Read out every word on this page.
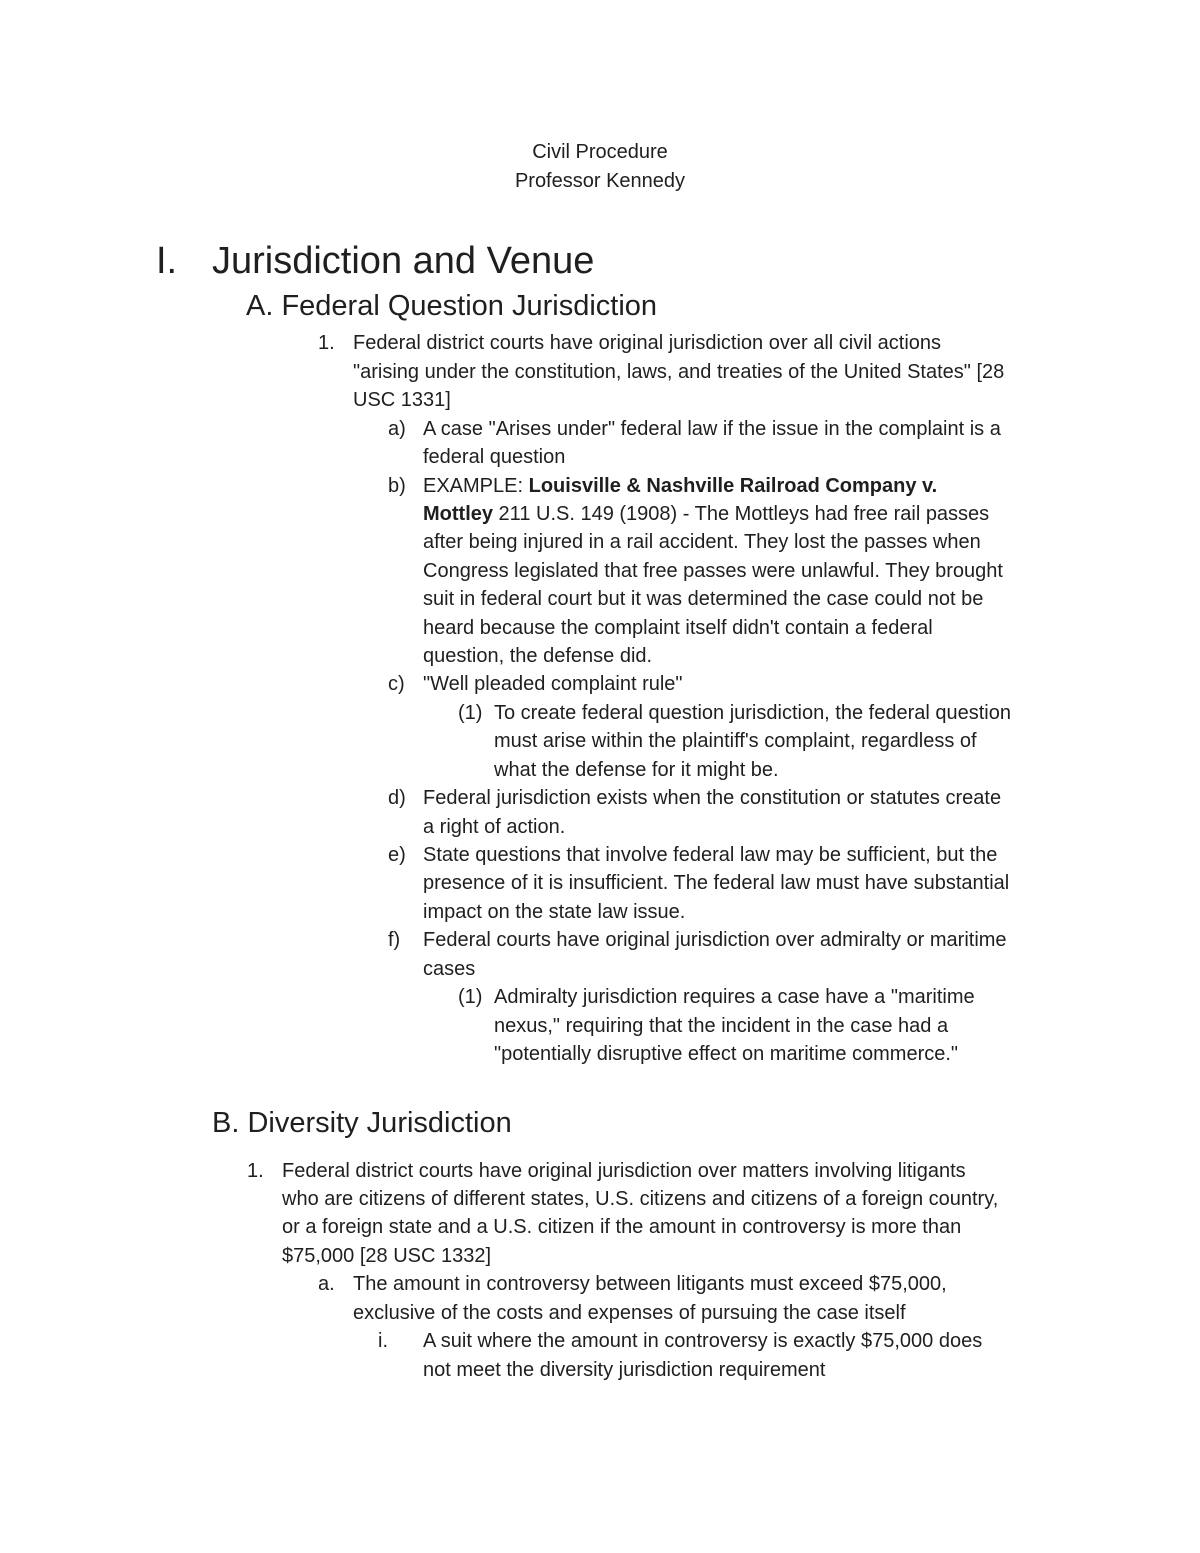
Civil Procedure
Professor Kennedy
I. Jurisdiction and Venue
A. Federal Question Jurisdiction
1. Federal district courts have original jurisdiction over all civil actions
"arising under the constitution, laws, and treaties of the United States" [28
USC 1331]
a) A case "Arises under" federal law if the issue in the complaint is a
federal question
b) EXAMPLE: Louisville & Nashville Railroad Company v.
Mottley 211 U.S. 149 (1908) - The Mottleys had free rail passes
after being injured in a rail accident. They lost the passes when
Congress legislated that free passes were unlawful. They brought
suit in federal court but it was determined the case could not be
heard because the complaint itself didn't contain a federal
question, the defense did.
c) "Well pleaded complaint rule"
(1) To create federal question jurisdiction, the federal question
must arise within the plaintiff's complaint, regardless of
what the defense for it might be.
d) Federal jurisdiction exists when the constitution or statutes create
a right of action.
e) State questions that involve federal law may be sufficient, but the
presence of it is insufficient. The federal law must have substantial
impact on the state law issue.
f) Federal courts have original jurisdiction over admiralty or maritime
cases
(1) Admiralty jurisdiction requires a case have a "maritime
nexus," requiring that the incident in the case had a
"potentially disruptive effect on maritime commerce."
B. Diversity Jurisdiction
1. Federal district courts have original jurisdiction over matters involving litigants
who are citizens of different states, U.S. citizens and citizens of a foreign country,
or a foreign state and a U.S. citizen if the amount in controversy is more than
$75,000 [28 USC 1332]
a. The amount in controversy between litigants must exceed $75,000,
exclusive of the costs and expenses of pursuing the case itself
i. A suit where the amount in controversy is exactly $75,000 does
not meet the diversity jurisdiction requirement
